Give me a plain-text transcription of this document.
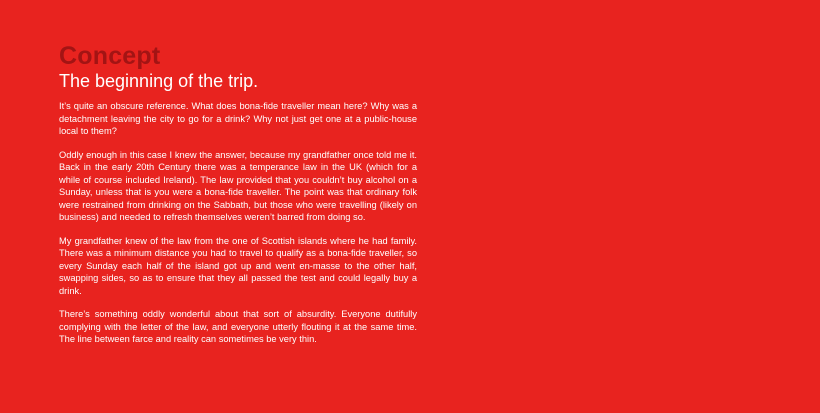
Concept
The beginning of the trip.

It’s quite an obscure reference. What does bona-fide traveller mean here? Why was a detachment leaving the city to go for a drink? Why not just get one at a public-house local to them?

Oddly enough in this case I knew the answer, because my grandfather once told me it. Back in the early 20th Century there was a temperance law in the UK (which for a while of course included Ireland). The law provided that you couldn’t buy alcohol on a Sunday, unless that is you were a bona-fide traveller. The point was that ordinary folk were restrained from drinking on the Sabbath, but those who were travelling (likely on business) and needed to refresh themselves weren’t barred from doing so.

My grandfather knew of the law from the one of Scottish islands where he had family. There was a minimum distance you had to travel to qualify as a bona-fide traveller, so every Sunday each half of the island got up and went en-masse to the other half, swapping sides, so as to ensure that they all passed the test and could legally buy a drink.

There’s something oddly wonderful about that sort of absurdity. Everyone dutifully complying with the letter of the law, and everyone utterly flouting it at the same time. The line between farce and reality can sometimes be very thin.
